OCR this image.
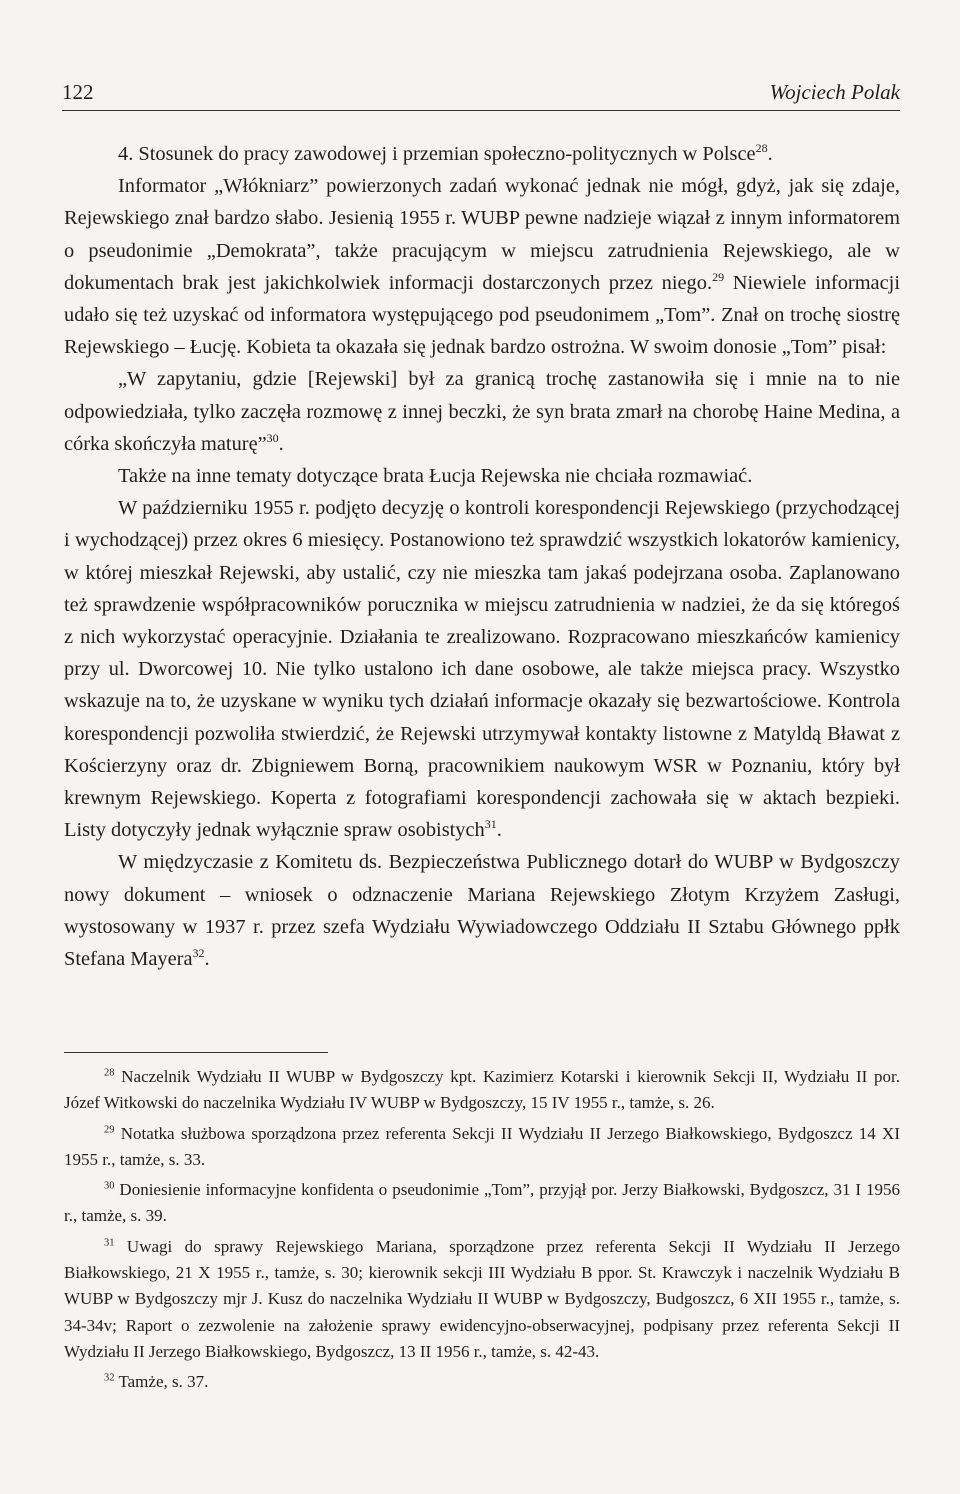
122	Wojciech Polak

4. Stosunek do pracy zawodowej i przemian społeczno-politycznych w Polsce$^{28}$.

Informator „Włókniarz” powierzonych zadań wykonać jednak nie mógł, gdyż, jak się zdaje, Rejewskiego znał bardzo słabo. Jesienią 1955 r. WUBP pewne nadzieje wiązał z innym informatorem o pseudonimie „Demokrata”, także pracującym w miejscu zatrudnienia Rejewskiego, ale w dokumentach brak jest jakichkolwiek informacji dostarczonych przez niego.$^{29}$ Niewiele informacji udało się też uzyskać od informatora występującego pod pseudonimem „Tom”. Znał on trochę siostrę Rejewskiego – Łucję. Kobieta ta okazała się jednak bardzo ostrożna. W swoim donosie „Tom” pisał:

„W zapytaniu, gdzie [Rejewski] był za granicą trochę zastanowiła się i mnie na to nie odpowiedziała, tylko zaczęła rozmowę z innej beczki, że syn brata zmarł na chorobę Haine Medina, a córka skończyła maturę”$^{30}$.

Także na inne tematy dotyczące brata Łucja Rejewska nie chciała rozmawiać.

W październiku 1955 r. podjęto decyzję o kontroli korespondencji Rejewskiego (przychodzącej i wychodzącej) przez okres 6 miesięcy. Postanowiono też sprawdzić wszystkich lokatorów kamienicy, w której mieszkał Rejewski, aby ustalić, czy nie mieszka tam jakaś podejrzana osoba. Zaplanowano też sprawdzenie współpracowników porucznika w miejscu zatrudnienia w nadziei, że da się któregoś z nich wykorzystać operacyjnie. Działania te zrealizowano. Rozpracowano mieszkańców kamienicy przy ul. Dworcowej 10. Nie tylko ustalono ich dane osobowe, ale także miejsca pracy. Wszystko wskazuje na to, że uzyskane w wyniku tych działań informacje okazały się bezwartościowe. Kontrola korespondencji pozwoliła stwierdzić, że Rejewski utrzymywał kontakty listowne z Matyldą Bławat z Kościerzyny oraz dr. Zbigniewem Borną, pracownikiem naukowym WSR w Poznaniu, który był krewnym Rejewskiego. Koperta z fotografiami korespondencji zachowała się w aktach bezpieki. Listy dotyczyły jednak wyłącznie spraw osobistych$^{31}$.

W międzyczasie z Komitetu ds. Bezpieczeństwa Publicznego dotarł do WUBP w Bydgoszczy nowy dokument – wniosek o odznaczenie Mariana Rejewskiego Złotym Krzyżem Zasługi, wystosowany w 1937 r. przez szefa Wydziału Wywiadowczego Oddziału II Sztabu Głównego ppłk Stefana Mayera$^{32}$.

$^{28}$ Naczelnik Wydziału II WUBP w Bydgoszczy kpt. Kazimierz Kotarski i kierownik Sekcji II, Wydziału II por. Józef Witkowski do naczelnika Wydziału IV WUBP w Bydgoszczy, 15 IV 1955 r., tamże, s. 26.

$^{29}$ Notatka służbowa sporządzona przez referenta Sekcji II Wydziału II Jerzego Białkowskiego, Bydgoszcz 14 XI 1955 r., tamże, s. 33.

$^{30}$ Doniesienie informacyjne konfidenta o pseudonimie „Tom”, przyjął por. Jerzy Białkowski, Bydgoszcz, 31 I 1956 r., tamże, s. 39.

$^{31}$ Uwagi do sprawy Rejewskiego Mariana, sporządzone przez referenta Sekcji II Wydziału II Jerzego Białkowskiego, 21 X 1955 r., tamże, s. 30; kierownik sekcji III Wydziału B ppor. St. Krawczyk i naczelnik Wydziału B WUBP w Bydgoszczy mjr J. Kusz do naczelnika Wydziału II WUBP w Bydgoszczy, Budgoszcz, 6 XII 1955 r., tamże, s. 34-34v; Raport o zezwolenie na założenie sprawy ewidencyjno-obserwacyjnej, podpisany przez referenta Sekcji II Wydziału II Jerzego Białkowskiego, Bydgoszcz, 13 II 1956 r., tamże, s. 42-43.

$^{32}$ Tamże, s. 37.
